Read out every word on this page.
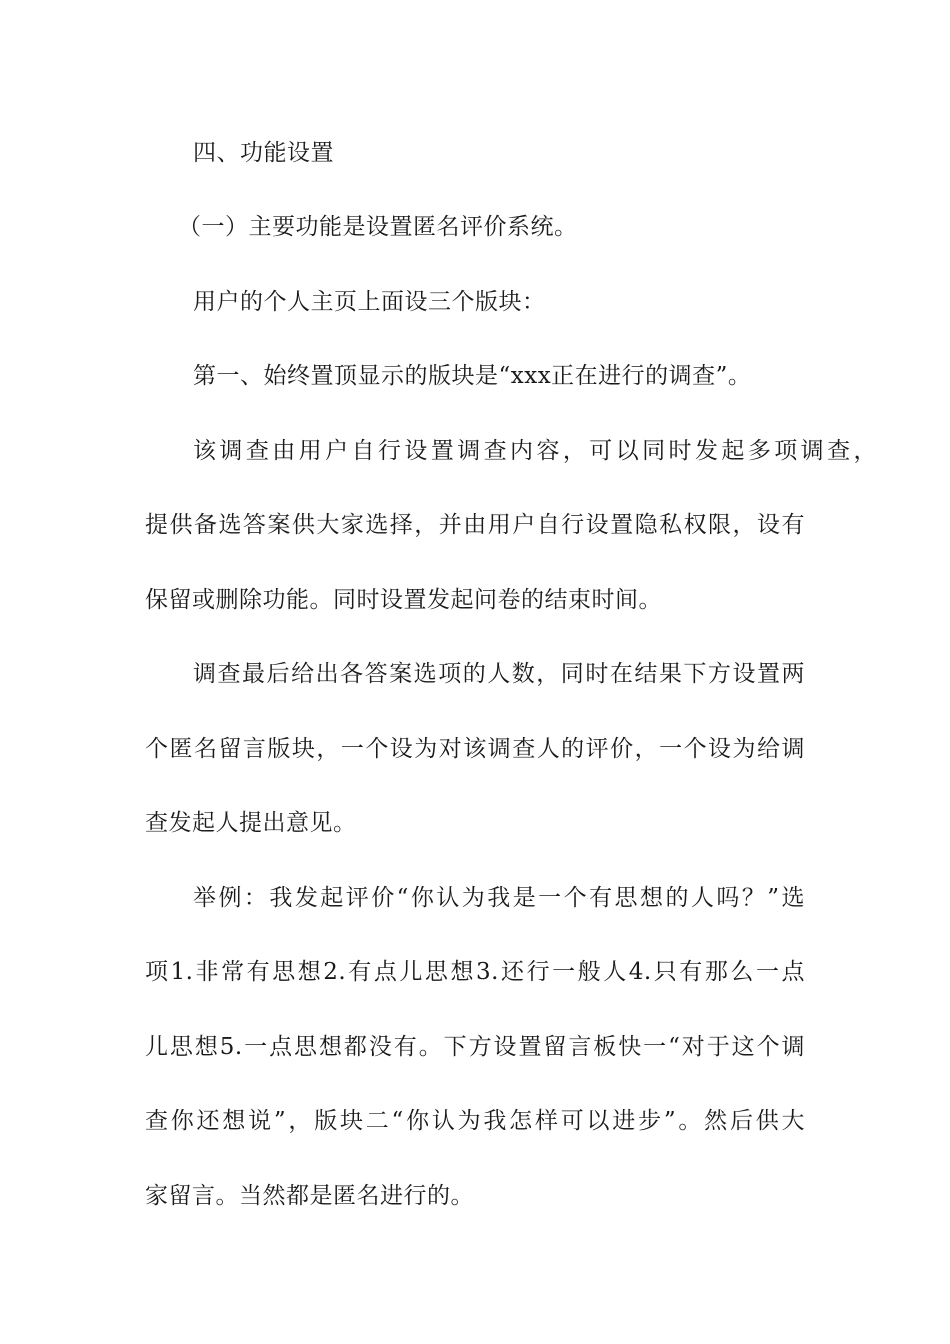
四、功能设置
（一）主要功能是设置匿名评价系统。
用户的个人主页上面设三个版块：
第一、始终置顶显示的版块是“xxx正在进行的调查”。
该调查由用户自行设置调查内容，可以同时发起多项调查，
提供备选答案供大家选择，并由用户自行设置隐私权限，设有
保留或删除功能。同时设置发起问卷的结束时间。
调查最后给出各答案选项的人数，同时在结果下方设置两
个匿名留言版块，一个设为对该调查人的评价，一个设为给调
查发起人提出意见。
举例：我发起评价“你认为我是一个有思想的人吗？”选
项1.非常有思想2.有点儿思想3.还行一般人4.只有那么一点
儿思想5.一点思想都没有。下方设置留言板快一“对于这个调
查你还想说”，版块二“你认为我怎样可以进步”。然后供大
家留言。当然都是匿名进行的。
